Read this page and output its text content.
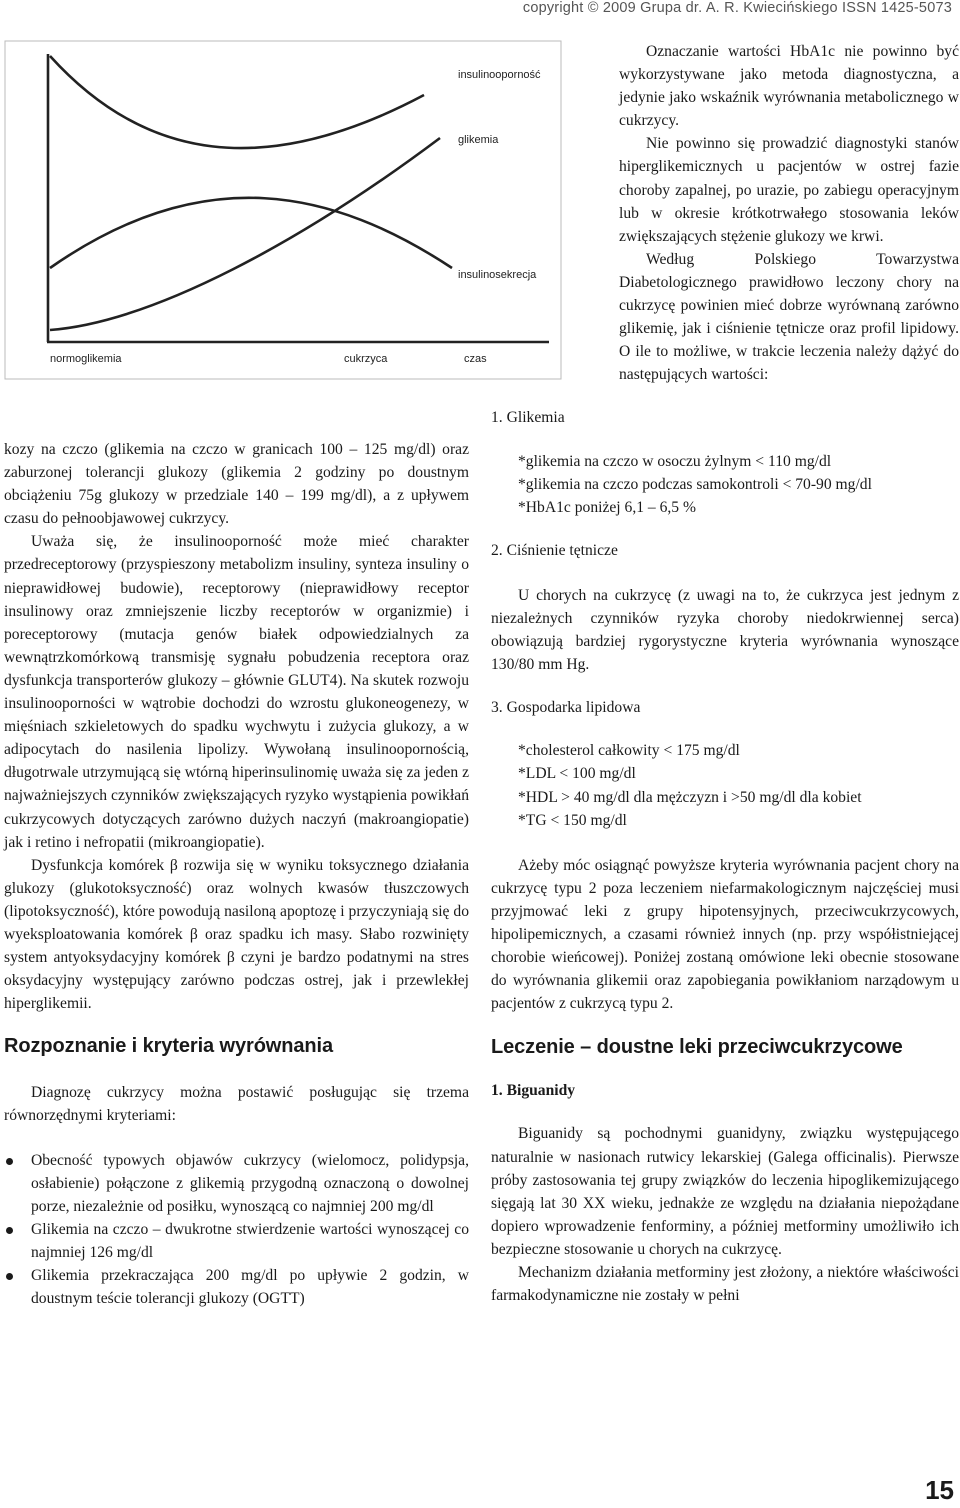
copyright © 2009 Grupa dr. A. R. Kwiecińskiego ISSN 1425-5073
insulinooporność
glikemia
insulinosekrecja
normoglikemia	cukrzyca	czas

kozy na czczo (glikemia na czczo w granicach 100 – 125 mg/dl) oraz zaburzonej tolerancji glukozy (glikemia 2 godziny po doustnym obciążeniu 75g glukozy w przedziale 140 – 199 mg/dl), a z upływem czasu do pełnoobjawowej cukrzycy.

Uważa się, że insulinooporność może mieć charakter przedreceptorowy (przyspieszony metabolizm insuliny, synteza insuliny o nieprawidłowej budowie), receptorowy (nieprawidłowy receptor insulinowy oraz zmniejszenie liczby receptorów w organizmie) i poreceptorowy (mutacja genów białek odpowiedzialnych za wewnątrzkomórkową transmisję sygnału pobudzenia receptora oraz dysfunkcja transporterów glukozy – głównie GLUT4). Na skutek rozwoju insulinooporności w wątrobie dochodzi do wzrostu glukoneogenezy, w mięśniach szkieletowych do spadku wychwytu i zużycia glukozy, a w adipocytach do nasilenia lipolizy. Wywołaną insulinoopornością, długotrwale utrzymującą się wtórną hiperinsulinomię uważa się za jeden z najważniejszych czynników zwiększających ryzyko wystąpienia powikłań cukrzycowych dotyczących zarówno dużych naczyń (makroangiopatie) jak i retino i nefropatii (mikroangiopatie).

Dysfunkcja komórek β rozwija się w wyniku toksycznego działania glukozy (glukotoksyczność) oraz wolnych kwasów tłuszczowych (lipotoksyczność), które powodują nasiloną apoptozę i przyczyniają się do wyeksploatowania komórek β oraz spadku ich masy. Słabo rozwinięty system antyoksydacyjny komórek β czyni je bardzo podatnymi na stres oksydacyjny występujący zarówno podczas ostrej, jak i przewlekłej hiperglikemii.

Rozpoznanie i kryteria wyrównania

Diagnozę cukrzycy można postawić posługując się trzema równorzędnymi kryteriami:

Obecność typowych objawów cukrzycy (wielomocz, polidypsja, osłabienie) połączone z glikemią przygodną oznaczoną o dowolnej porze, niezależnie od posiłku, wynoszącą co najmniej 200 mg/dl
Glikemia na czczo – dwukrotne stwierdzenie wartości wynoszącej co najmniej 126 mg/dl
Glikemia przekraczająca 200 mg/dl po upływie 2 godzin, w doustnym teście tolerancji glukozy (OGTT)

Oznaczanie wartości HbA1c nie powinno być wykorzystywane jako metoda diagnostyczna, a jedynie jako wskaźnik wyrównania metabolicznego w cukrzycy.

Nie powinno się prowadzić diagnostyki stanów hiperglikemicznych u pacjentów w ostrej fazie choroby zapalnej, po urazie, po zabiegu operacyjnym lub w okresie krótkotrwałego stosowania leków zwiększających stężenie glukozy we krwi.

Według Polskiego Towarzystwa Diabetologicznego prawidłowo leczony chory na cukrzycę powinien mieć dobrze wyrównaną zarówno glikemię, jak i ciśnienie tętnicze oraz profil lipidowy. O ile to możliwe, w trakcie leczenia należy dążyć do następujących wartości:

1. Glikemia

*glikemia na czczo w osoczu żylnym < 110 mg/dl

*glikemia na czczo podczas samokontroli < 70-90 mg/dl

*HbA1c poniżej 6,1 – 6,5 %

2. Ciśnienie tętnicze

U chorych na cukrzycę (z uwagi na to, że cukrzyca jest jednym z niezależnych czynników ryzyka choroby niedokrwiennej serca) obowiązują bardziej rygorystyczne kryteria wyrównania wynoszące 130/80 mm Hg.

3. Gospodarka lipidowa

*cholesterol całkowity < 175 mg/dl

*LDL < 100 mg/dl

*HDL > 40 mg/dl dla mężczyzn i >50 mg/dl dla kobiet

*TG < 150 mg/dl

Ażeby móc osiągnąć powyższe kryteria wyrównania pacjent chory na cukrzycę typu 2 poza leczeniem niefarmakologicznym najczęściej musi przyjmować leki z grupy hipotensyjnych, przeciwcukrzycowych, hipolipemicznych, a czasami również innych (np. przy współistniejącej chorobie wieńcowej). Poniżej zostaną omówione leki obecnie stosowane do wyrównania glikemii oraz zapobiegania powikłaniom narządowym u pacjentów z cukrzycą typu 2.

Leczenie – doustne leki przeciwcukrzycowe

1. Biguanidy

Biguanidy są pochodnymi guanidyny, związku występującego naturalnie w nasionach rutwicy lekarskiej (Galega officinalis). Pierwsze próby zastosowania tej grupy związków do leczenia hipoglikemizującego sięgają lat 30 XX wieku, jednakże ze względu na działania niepożądane dopiero wprowadzenie fenforminy, a później metforminy umożliwiło ich bezpieczne stosowanie u chorych na cukrzycę.

Mechanizm działania metforminy jest złożony, a niektóre właściwości farmakodynamiczne nie zostały w pełni

15
